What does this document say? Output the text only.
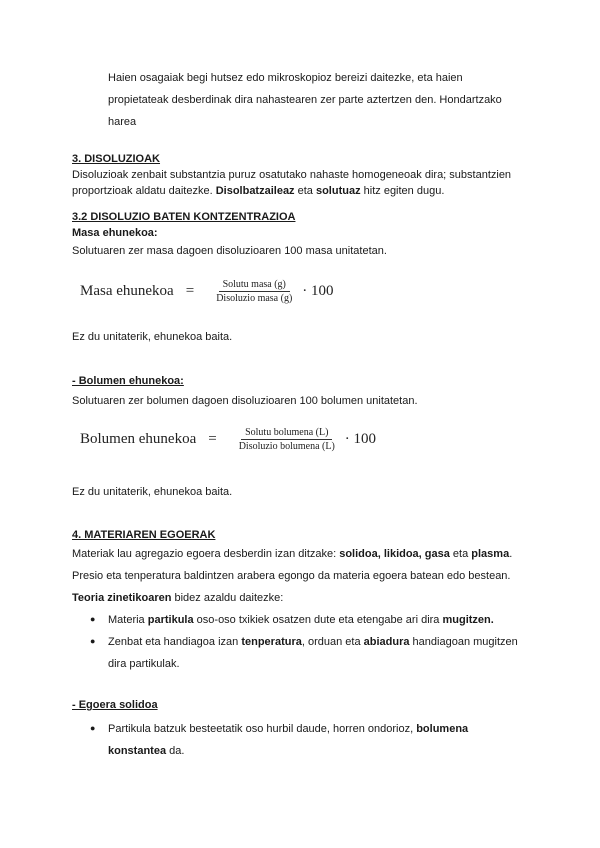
Haien osagaiak begi hutsez edo mikroskopioz bereizi daitezke, eta haien
propietateak desberdinak dira nahastearen zer parte aztertzen den. Hondartzako
harea
3. DISOLUZIOAK
Disoluzioak zenbait substantzia puruz osatutako nahaste homogeneoak dira; substantzien
proportzioak aldatu daitezke. Disolbatzaileaz eta solutuaz hitz egiten dugu.
3.2 DISOLUZIO BATEN KONTZENTRAZIOA
Masa ehunekoa:
Solutuaren zer masa dagoen disoluzioaren 100 masa unitatetan.
Masa ehunekoa = $\frac{\text{Solutu masa (g)}}{\text{Disoluzio masa (g)}} \cdot 100$
Ez du unitaterik, ehunekoa baita.
- Bolumen ehunekoa:
Solutuaren zer bolumen dagoen disoluzioaren 100 bolumen unitatetan.
Bolumen ehunekoa = $\frac{\text{Solutu bolumena (L)}}{\text{Disoluzio bolumena (L)}} \cdot 100$
Ez du unitaterik, ehunekoa baita.
4. MATERIAREN EGOERAK
Materiak lau agregazio egoera desberdin izan ditzake: solidoa, likidoa, gasa eta plasma.
Presio eta tenperatura baldintzen arabera egongo da materia egoera batean edo bestean.
Teoria zinetikoaren bidez azaldu daitezke:
● Materia partikula oso-oso txikiek osatzen dute eta etengabe ari dira mugitzen.
● Zenbat eta handiagoa izan tenperatura, orduan eta abiadura handiagoan mugitzen
dira partikulak.
- Egoera solidoa
● Partikula batzuk besteetatik oso hurbil daude, horren ondorioz, bolumena
konstantea da.
